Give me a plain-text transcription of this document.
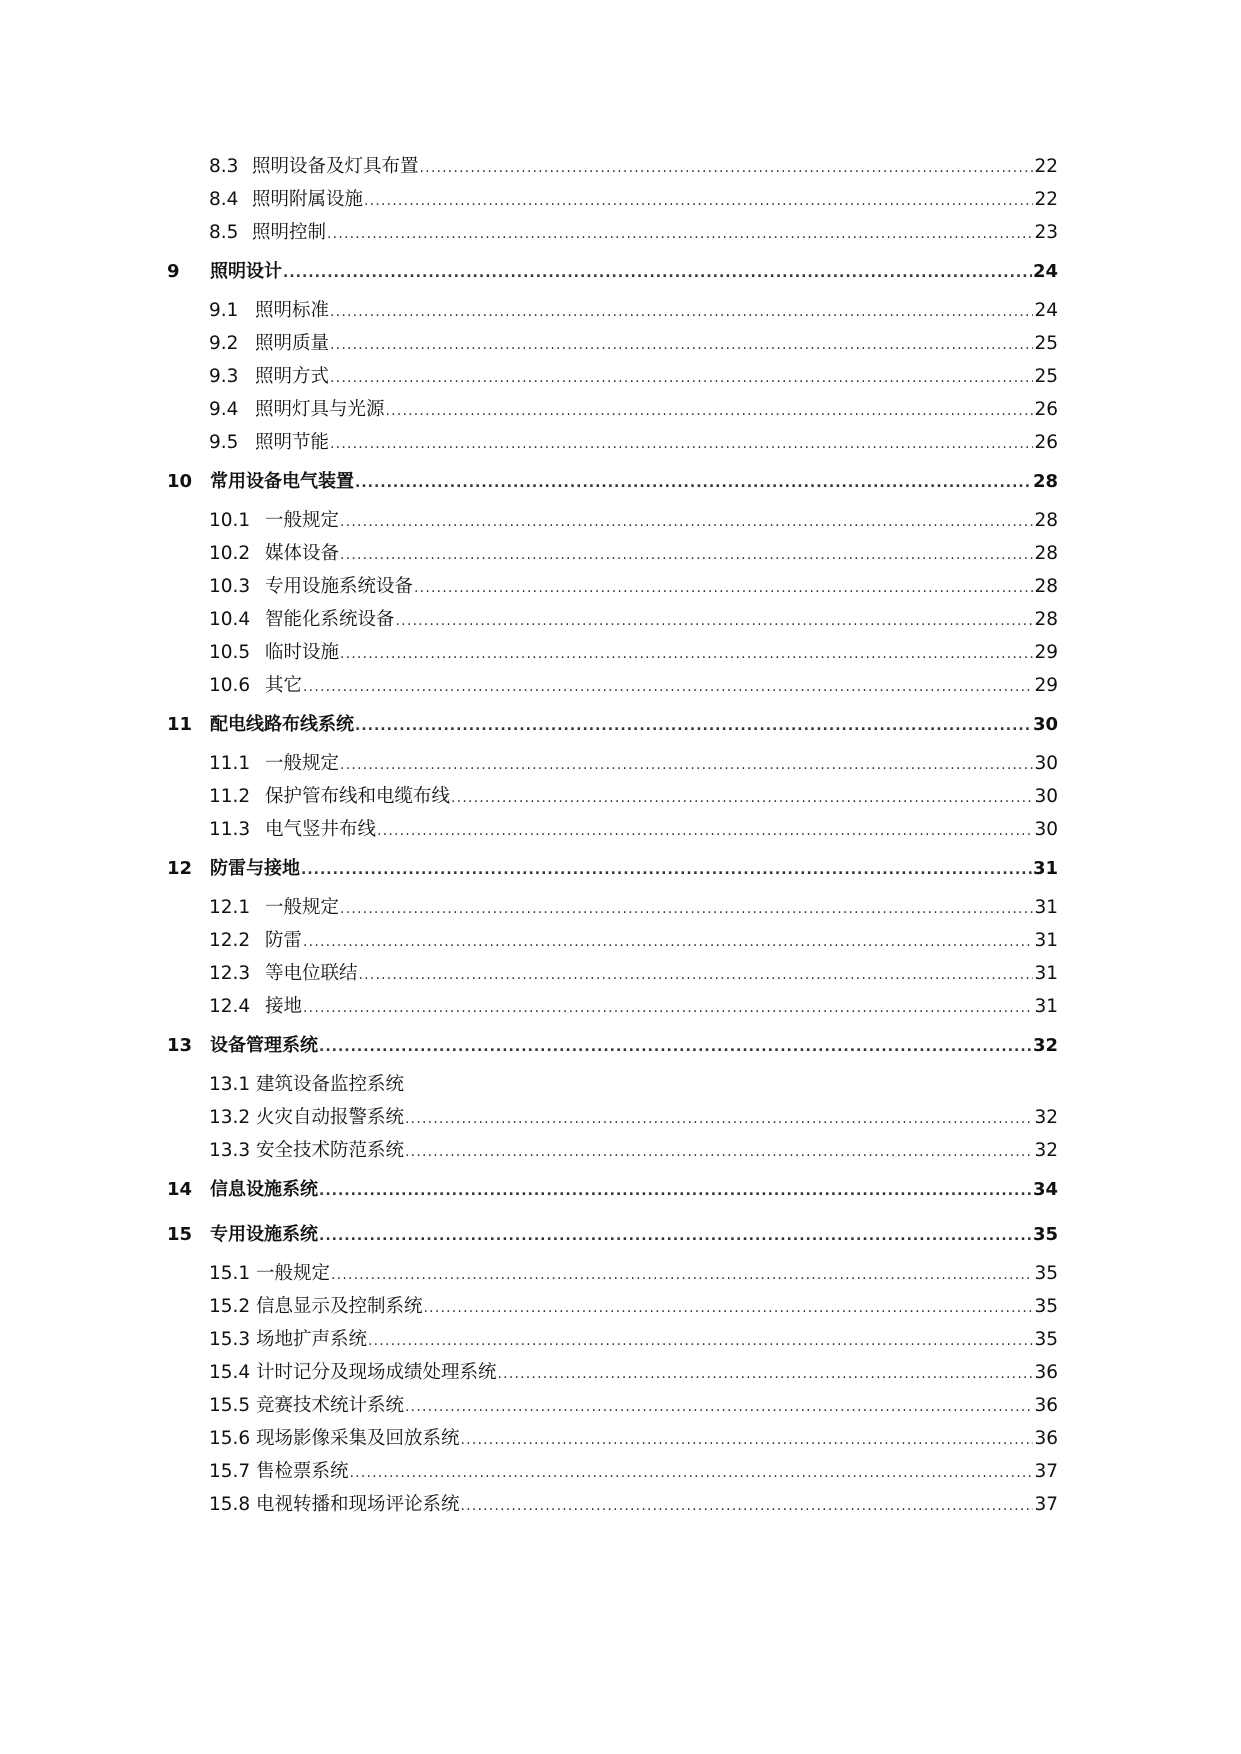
8.3 照明设备及灯具布置 .....	22
8.4 照明附属设施 .....	22
8.5 照明控制 .....	23
9	照明设计 .....	24
9.1 照明标准 .....	24
9.2 照明质量 .....	25
9.3 照明方式 .....	25
9.4 照明灯具与光源 .....	26
9.5 照明节能 .....	26
10 常用设备电气装置 .....	28
10.1 一般规定 .....	28
10.2 媒体设备 .....	28
10.3 专用设施系统设备 .....	28
10.4 智能化系统设备 .....	28
10.5 临时设施 .....	29
10.6 其它 .....	29
11 配电线路布线系统 .....	30
11.1 一般规定 .....	30
11.2 保护管布线和电缆布线 .....	30
11.3 电气竖井布线 .....	30
12 防雷与接地 .....	31
12.1 一般规定 .....	31
12.2 防雷 .....	31
12.3 等电位联结 .....	31
12.4 接地 .....	31
13 设备管理系统 .....	32
13.1 建筑设备监控系统
13.2 火灾自动报警系统 .....	32
13.3 安全技术防范系统 .....	32
14 信息设施系统 .....	34
15 专用设施系统 .....	35
15.1 一般规定 .....	35
15.2 信息显示及控制系统 .....	35
15.3 场地扩声系统 .....	35
15.4 计时记分及现场成绩处理系统 .....	36
15.5 竞赛技术统计系统 .....	36
15.6 现场影像采集及回放系统 .....	36
15.7 售检票系统 .....	37
15.8 电视转播和现场评论系统 .....	37
